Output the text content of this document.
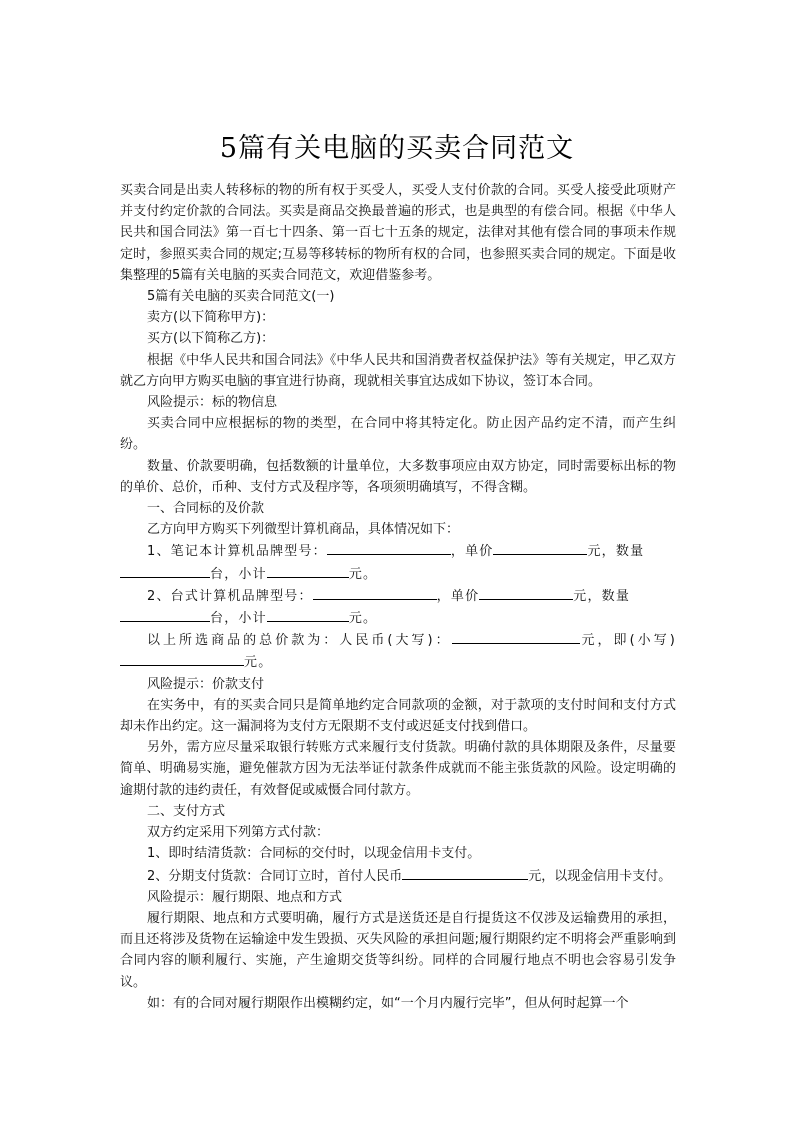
5篇有关电脑的买卖合同范文

买卖合同是出卖人转移标的物的所有权于买受人，买受人支付价款的合同。买受人接受此项财产并支付约定价款的合同法。买卖是商品交换最普遍的形式，也是典型的有偿合同。根据《中华人民共和国合同法》第一百七十四条、第一百七十五条的规定，法律对其他有偿合同的事项未作规定时，参照买卖合同的规定;互易等移转标的物所有权的合同，也参照买卖合同的规定。下面是收集整理的5篇有关电脑的买卖合同范文，欢迎借鉴参考。

5篇有关电脑的买卖合同范文(一)

卖方(以下简称甲方)：

买方(以下简称乙方)：

根据《中华人民共和国合同法》《中华人民共和国消费者权益保护法》等有关规定，甲乙双方就乙方向甲方购买电脑的事宜进行协商，现就相关事宜达成如下协议，签订本合同。

风险提示：标的物信息

买卖合同中应根据标的物的类型，在合同中将其特定化。防止因产品约定不清，而产生纠纷。

数量、价款要明确，包括数额的计量单位，大多数事项应由双方协定，同时需要标出标的物的单价、总价，币种、支付方式及程序等，各项须明确填写，不得含糊。

一、合同标的及价款

乙方向甲方购买下列微型计算机商品，具体情况如下：

1、笔记本计算机品牌型号：	，单价	元，数量
台，小计	元。

2、台式计算机品牌型号：	，单价	元，数量
台，小计	元。

以上所选商品的总价款为：人民币(大写)：	元，即(小写)元。

风险提示：价款支付

在实务中，有的买卖合同只是简单地约定合同款项的金额，对于款项的支付时间和支付方式却未作出约定。这一漏洞将为支付方无限期不支付或迟延支付找到借口。

另外，需方应尽量采取银行转账方式来履行支付货款。明确付款的具体期限及条件，尽量要简单、明确易实施，避免催款方因为无法举证付款条件成就而不能主张货款的风险。设定明确的逾期付款的违约责任，有效督促或威慑合同付款方。

二、支付方式

双方约定采用下列第方式付款：

1、即时结清货款：合同标的交付时，以现金信用卡支付。

2、分期支付货款：合同订立时，首付人民币	元，以现金信用卡支付。

风险提示：履行期限、地点和方式

履行期限、地点和方式要明确，履行方式是送货还是自行提货这不仅涉及运输费用的承担，而且还将涉及货物在运输途中发生毁损、灭失风险的承担问题;履行期限约定不明将会严重影响到合同内容的顺利履行、实施，产生逾期交货等纠纷。同样的合同履行地点不明也会容易引发争议。

如：有的合同对履行期限作出模糊约定，如“一个月内履行完毕”，但从何时起算一个
